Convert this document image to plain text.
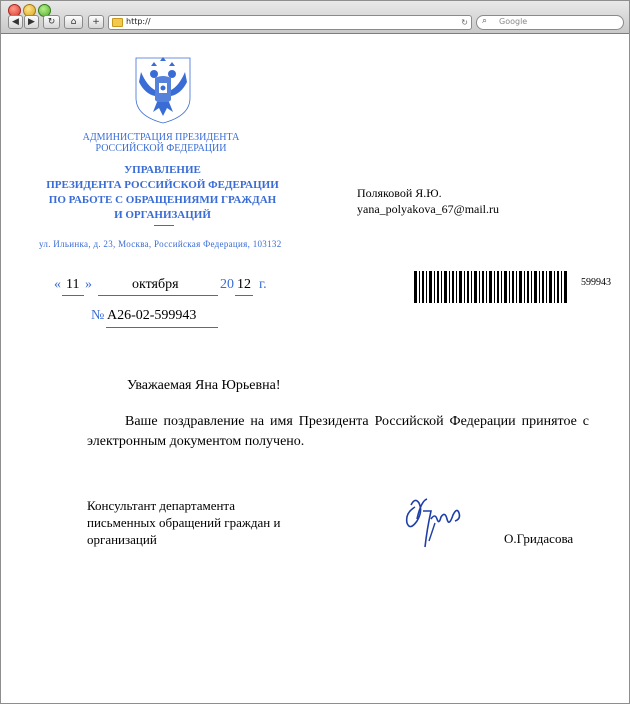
◀ ▶ ↻ ⌂ +	http://	↻ ⌕ Google
АДМИНИСТРАЦИЯ ПРЕЗИДЕНТА
РОССИЙСКОЙ ФЕДЕРАЦИИ
УПРАВЛЕНИЕ
ПРЕЗИДЕНТА РОССИЙСКОЙ ФЕДЕРАЦИИ
ПО РАБОТЕ С ОБРАЩЕНИЯМИ ГРАЖДАН
И ОРГАНИЗАЦИЙ
ул. Ильинка, д. 23, Москва, Российская Федерация, 103132
Поляковой Я.Ю.
yana_polyakova_67@mail.ru
« 11 »	октября	20 12 г.	599943
№ А26-02-599943
Уважаемая Яна Юрьевна!
Ваше поздравление на имя Президента Российской Федерации принятое с электронным документом получено.
Консультант департамента
письменных обращений граждан и
организаций	О.Гридасова
